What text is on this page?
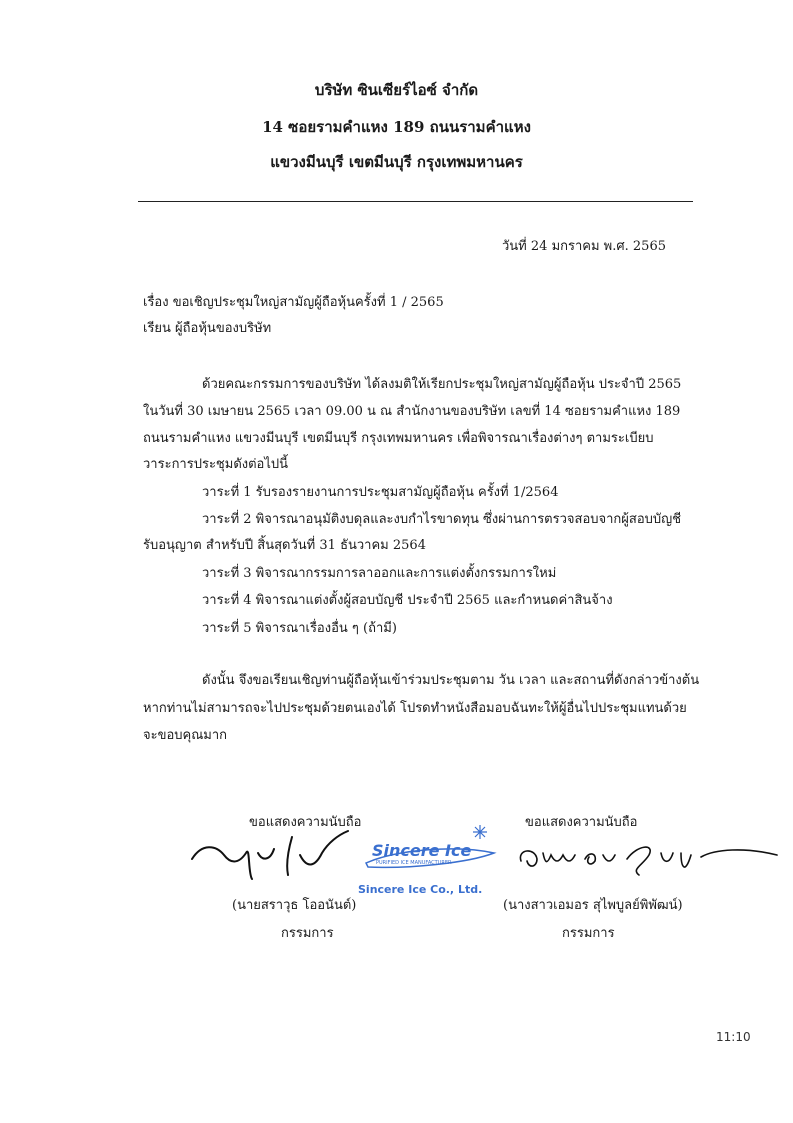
บริษัท ซินเซียร์ไอซ์ จำกัด
14 ซอยรามคำแหง 189 ถนนรามคำแหง
แขวงมีนบุรี เขตมีนบุรี กรุงเทพมหานคร
วันที่ 24 มกราคม พ.ศ. 2565
เรื่อง ขอเชิญประชุมใหญ่สามัญผู้ถือหุ้นครั้งที่ 1 / 2565
เรียน ผู้ถือหุ้นของบริษัท
ด้วยคณะกรรมการของบริษัท ได้ลงมติให้เรียกประชุมใหญ่สามัญผู้ถือหุ้น ประจำปี 2565
ในวันที่ 30 เมษายน 2565 เวลา 09.00 น ณ สำนักงานของบริษัท เลขที่ 14 ซอยรามคำแหง 189
ถนนรามคำแหง แขวงมีนบุรี เขตมีนบุรี กรุงเทพมหานคร เพื่อพิจารณาเรื่องต่างๆ ตามระเบียบ
วาระการประชุมดังต่อไปนี้
วาระที่ 1 รับรองรายงานการประชุมสามัญผู้ถือหุ้น ครั้งที่ 1/2564
วาระที่ 2 พิจารณาอนุมัติงบดุลและงบกำไรขาดทุน ซึ่งผ่านการตรวจสอบจากผู้สอบบัญชี
รับอนุญาต สำหรับปี สิ้นสุดวันที่ 31 ธันวาคม 2564
วาระที่ 3 พิจารณากรรมการลาออกและการแต่งตั้งกรรมการใหม่
วาระที่ 4 พิจารณาแต่งตั้งผู้สอบบัญชี ประจำปี 2565 และกำหนดค่าสินจ้าง
วาระที่ 5 พิจารณาเรื่องอื่น ๆ (ถ้ามี)
ดังนั้น จึงขอเรียนเชิญท่านผู้ถือหุ้นเข้าร่วมประชุมตาม วัน เวลา และสถานที่ดังกล่าวข้างต้น
หากท่านไม่สามารถจะไปประชุมด้วยตนเองได้ โปรดทำหนังสือมอบฉันทะให้ผู้อื่นไปประชุมแทนด้วย
จะขอบคุณมาก
ขอแสดงความนับถือ
(นายสราวุธ โออนันต์)
กรรมการ
Sincere Ice
PURIFIED ICE MANUFACTURER
Sincere Ice Co., Ltd.
ขอแสดงความนับถือ
(นางสาวเอมอร สุไพบูลย์พิพัฒน์)
กรรมการ
11:10
